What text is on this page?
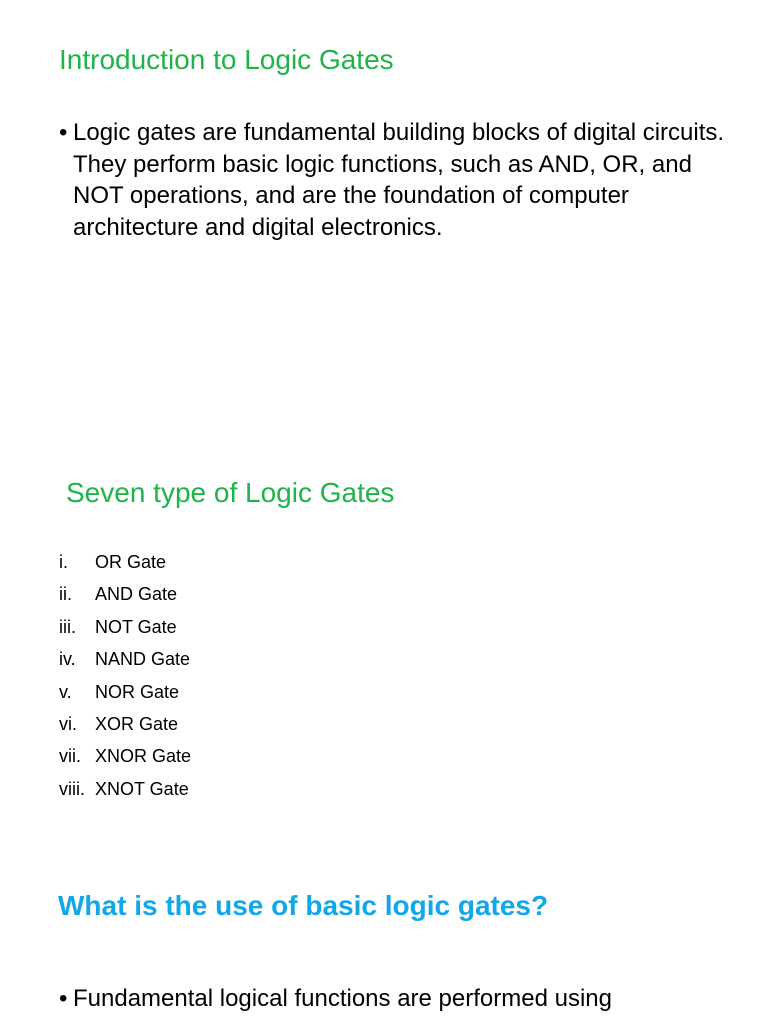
Introduction to Logic Gates
• Logic gates are fundamental building blocks of digital circuits. They perform basic logic functions, such as AND, OR, and NOT operations, and are the foundation of computer architecture and digital electronics.
Seven type of Logic Gates
i.	OR Gate
ii.	AND Gate
iii.	NOT Gate
iv.	NAND Gate
v.	NOR Gate
vi.	XOR Gate
vii. XNOR Gate
viii. XNOT Gate
What is the use of basic logic gates?
• Fundamental logical functions are performed using
